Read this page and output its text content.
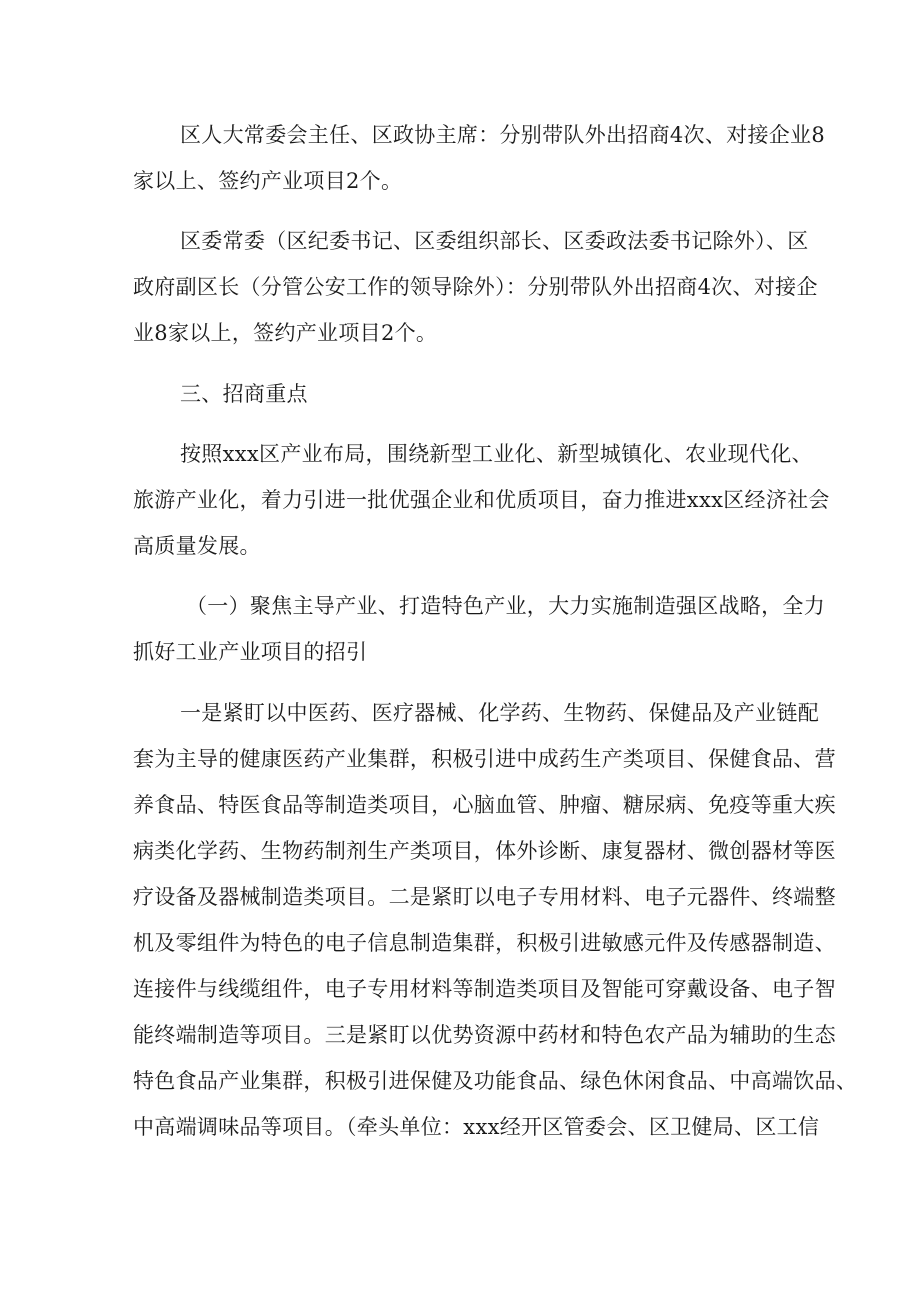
区人大常委会主任、区政协主席：分别带队外出招商4次、对接企业8
家以上、签约产业项目2个。
区委常委（区纪委书记、区委组织部长、区委政法委书记除外）、区
政府副区长（分管公安工作的领导除外）：分别带队外出招商4次、对接企
业8家以上，签约产业项目2个。
三、招商重点
按照xxx区产业布局，围绕新型工业化、新型城镇化、农业现代化、
旅游产业化，着力引进一批优强企业和优质项目，奋力推进xxx区经济社会
高质量发展。
（一）聚焦主导产业、打造特色产业，大力实施制造强区战略，全力
抓好工业产业项目的招引
一是紧盯以中医药、医疗器械、化学药、生物药、保健品及产业链配
套为主导的健康医药产业集群，积极引进中成药生产类项目、保健食品、营
养食品、特医食品等制造类项目，心脑血管、肿瘤、糖尿病、免疫等重大疾
病类化学药、生物药制剂生产类项目，体外诊断、康复器材、微创器材等医
疗设备及器械制造类项目。二是紧盯以电子专用材料、电子元器件、终端整
机及零组件为特色的电子信息制造集群，积极引进敏感元件及传感器制造、
连接件与线缆组件，电子专用材料等制造类项目及智能可穿戴设备、电子智
能终端制造等项目。三是紧盯以优势资源中药材和特色农产品为辅助的生态
特色食品产业集群，积极引进保健及功能食品、绿色休闲食品、中高端饮品、
中高端调味品等项目。（牵头单位：xxx经开区管委会、区卫健局、区工信
